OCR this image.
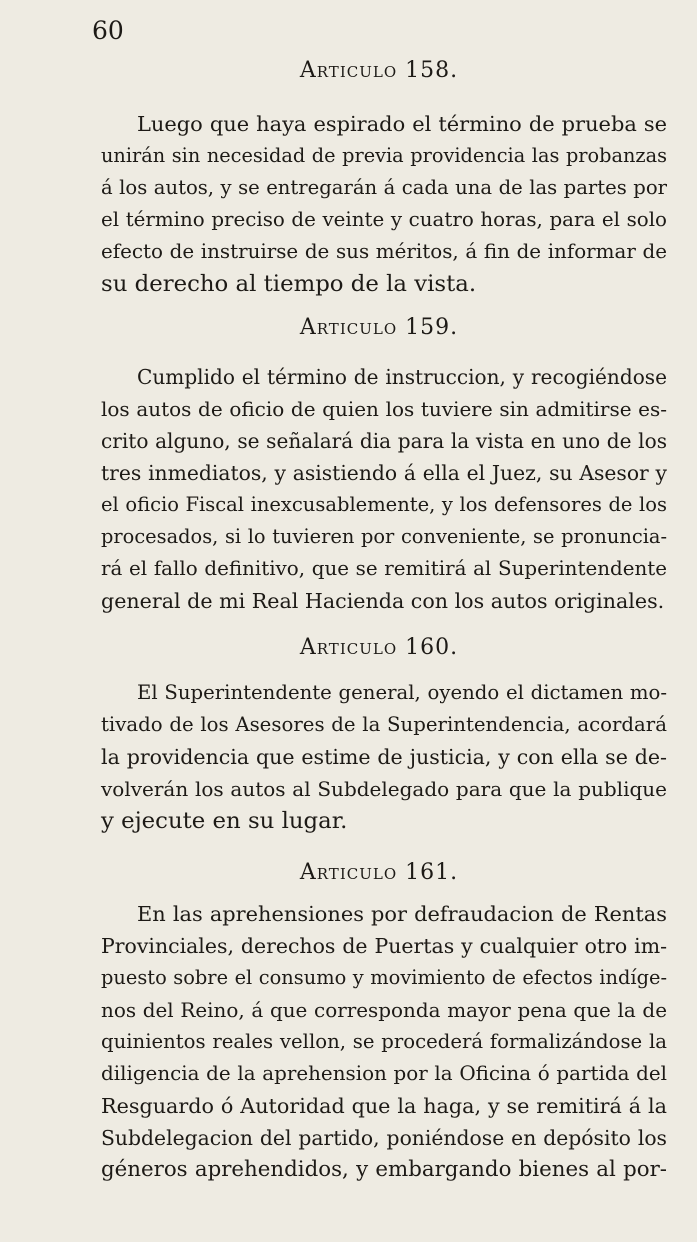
60
Articulo 158.
Luego que haya espirado el término de prueba se
unirán sin necesidad de previa providencia las probanzas
á los autos, y se entregarán á cada una de las partes por
el término preciso de veinte y cuatro horas, para el solo
efecto de instruirse de sus méritos, á fin de informar de
su derecho al tiempo de la vista.
Articulo 159.
Cumplido el término de instruccion, y recogiéndose
los autos de oficio de quien los tuviere sin admitirse es-
crito alguno, se señalará dia para la vista en uno de los
tres inmediatos, y asistiendo á ella el Juez, su Asesor y
el oficio Fiscal inexcusablemente, y los defensores de los
procesados, si lo tuvieren por conveniente, se pronuncia-
rá el fallo definitivo, que se remitirá al Superintendente
general de mi Real Hacienda con los autos originales.
Articulo 160.
El Superintendente general, oyendo el dictamen mo-
tivado de los Asesores de la Superintendencia, acordará
la providencia que estime de justicia, y con ella se de-
volverán los autos al Subdelegado para que la publique
y ejecute en su lugar.
Articulo 161.
En las aprehensiones por defraudacion de Rentas
Provinciales, derechos de Puertas y cualquier otro im-
puesto sobre el consumo y movimiento de efectos indíge-
nos del Reino, á que corresponda mayor pena que la de
quinientos reales vellon, se procederá formalizándose la
diligencia de la aprehension por la Oficina ó partida del
Resguardo ó Autoridad que la haga, y se remitirá á la
Subdelegacion del partido, poniéndose en depósito los
géneros aprehendidos, y embargando bienes al por-
